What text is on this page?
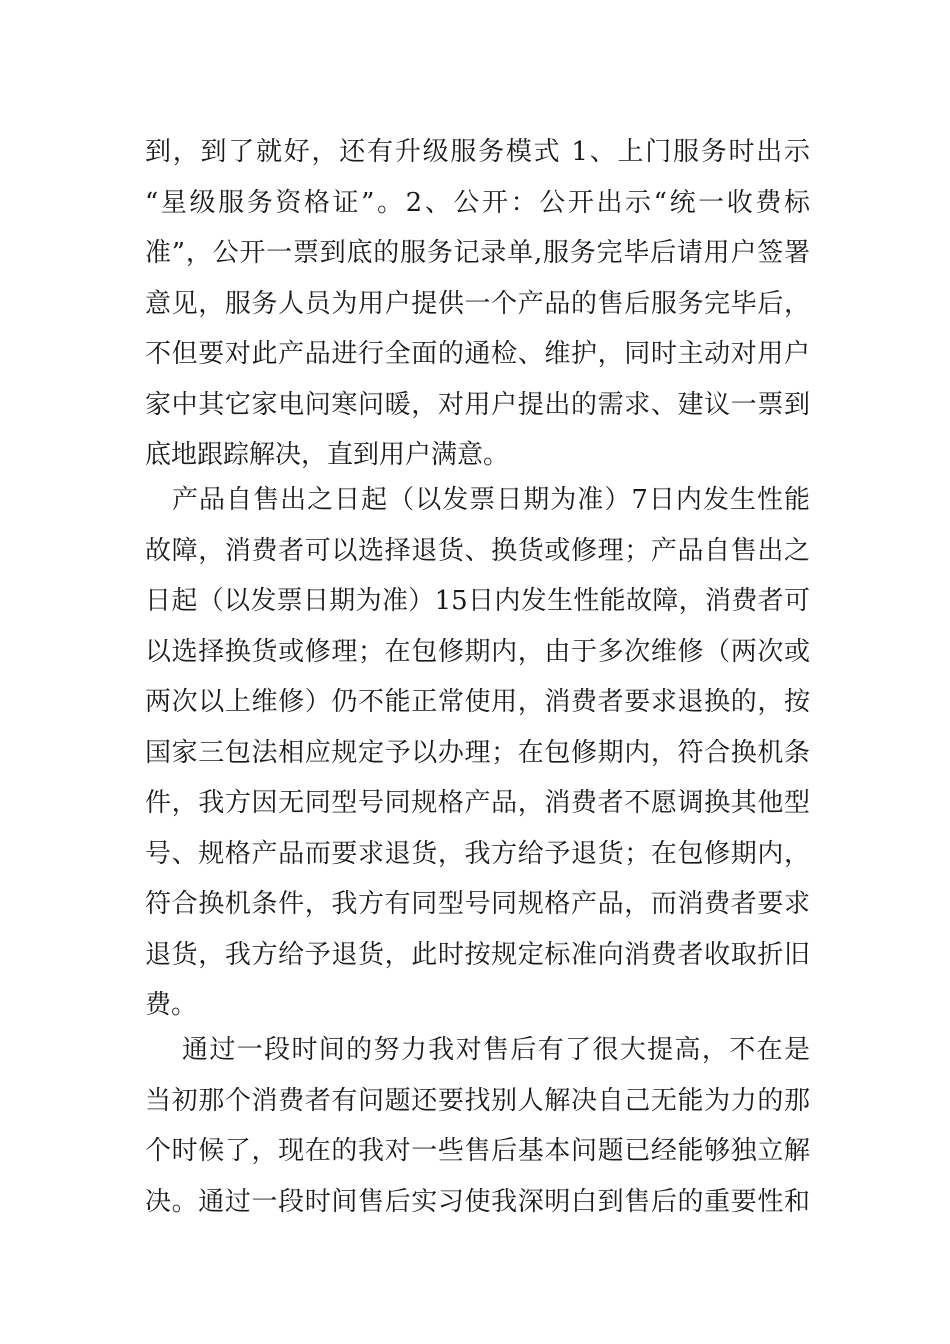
到，到了就好，还有升级服务模式 1、上门服务时出示
“星级服务资格证”。2、公开：公开出示“统一收费标
准”，公开一票到底的服务记录单,服务完毕后请用户签署
意见，服务人员为用户提供一个产品的售后服务完毕后，
不但要对此产品进行全面的通检、维护，同时主动对用户
家中其它家电问寒问暖，对用户提出的需求、建议一票到
底地跟踪解决，直到用户满意。
　产品自售出之日起（以发票日期为准）7日内发生性能
故障，消费者可以选择退货、换货或修理；产品自售出之
日起（以发票日期为准）15日内发生性能故障，消费者可
以选择换货或修理；在包修期内，由于多次维修（两次或
两次以上维修）仍不能正常使用，消费者要求退换的，按
国家三包法相应规定予以办理；在包修期内，符合换机条
件，我方因无同型号同规格产品，消费者不愿调换其他型
号、规格产品而要求退货，我方给予退货；在包修期内，
符合换机条件，我方有同型号同规格产品，而消费者要求
退货，我方给予退货，此时按规定标准向消费者收取折旧
费。
　 通过一段时间的努力我对售后有了很大提高，不在是
当初那个消费者有问题还要找别人解决自己无能为力的那
个时候了，现在的我对一些售后基本问题已经能够独立解
决。通过一段时间售后实习使我深明白到售后的重要性和
